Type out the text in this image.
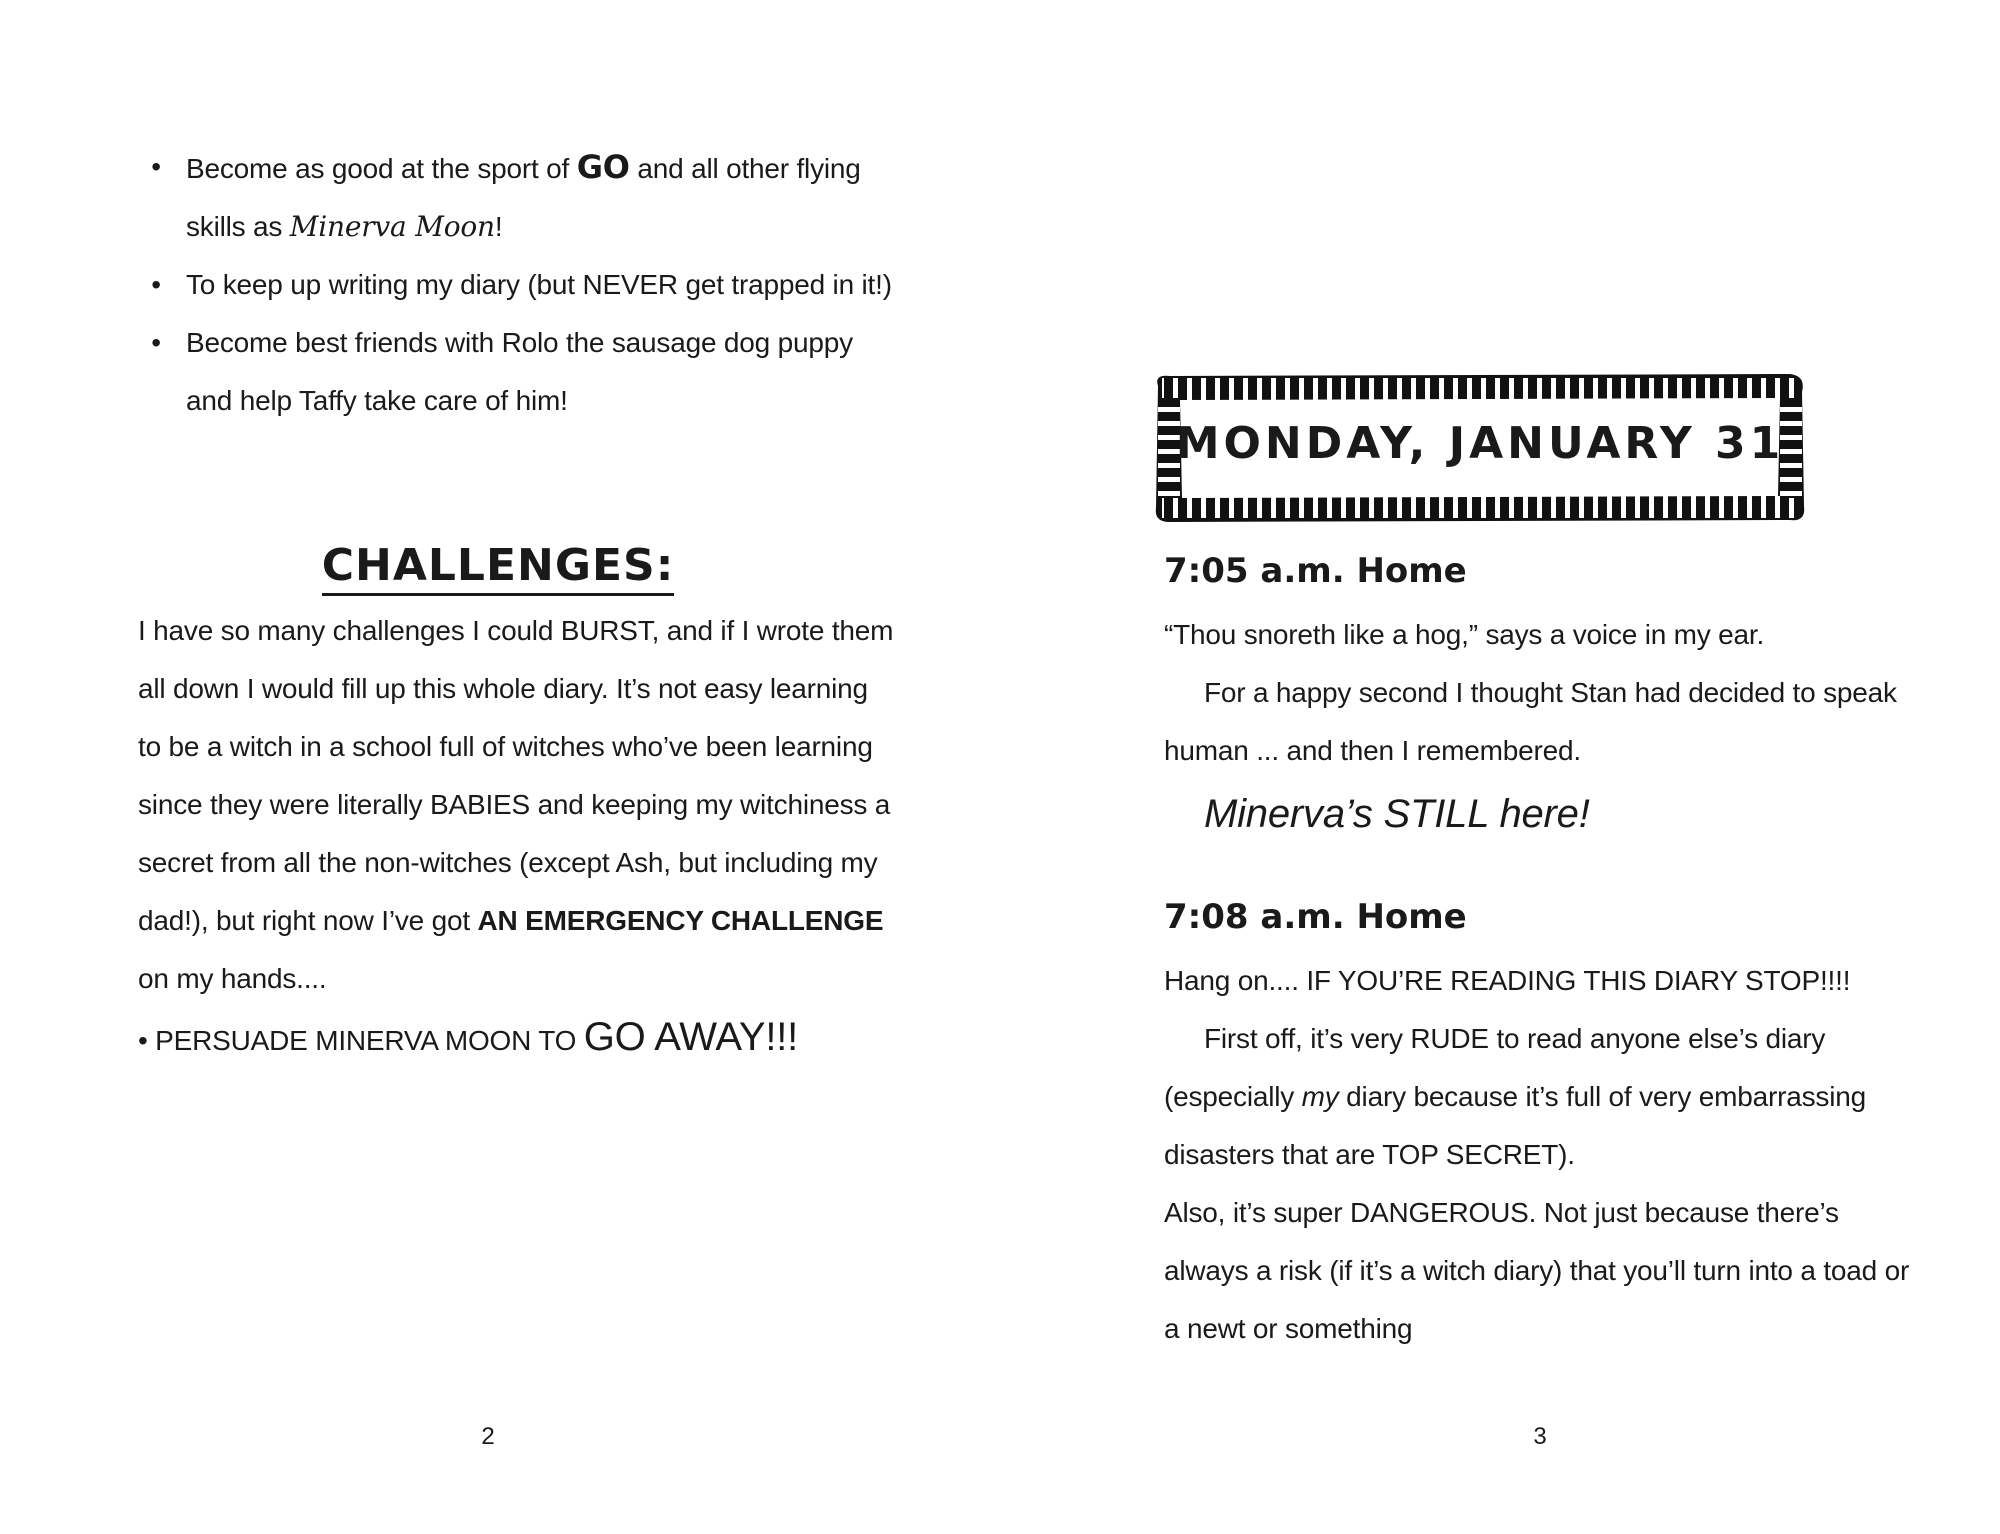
• Become as good at the sport of GO and all other flying skills as Minerva Moon!
• To keep up writing my diary (but NEVER get trapped in it!)
• Become best friends with Rolo the sausage dog puppy and help Taffy take care of him!
CHALLENGES:

I have so many challenges I could BURST, and if I wrote them all down I would fill up this whole diary. It’s not easy learning to be a witch in a school full of witches who’ve been learning since they were literally BABIES and keeping my witchiness a secret from all the non-witches (except Ash, but including my dad!), but right now I’ve got AN EMERGENCY CHALLENGE on my hands....

• PERSUADE MINERVA MOON TO GO AWAY!!!

2
MONDAY, JANUARY 31
7:05 a.m. Home

“Thou snoreth like a hog,” says a voice in my ear.

For a happy second I thought Stan had decided to speak human ... and then I remembered.

Minerva’s STILL here!

7:08 a.m. Home

Hang on.... IF YOU’RE READING THIS DIARY STOP!!!!

First off, it’s very RUDE to read anyone else’s diary (especially my diary because it’s full of very embarrassing disasters that are TOP SECRET).

Also, it’s super DANGEROUS. Not just because there’s always a risk (if it’s a witch diary) that you’ll turn into a toad or a newt or something

3
